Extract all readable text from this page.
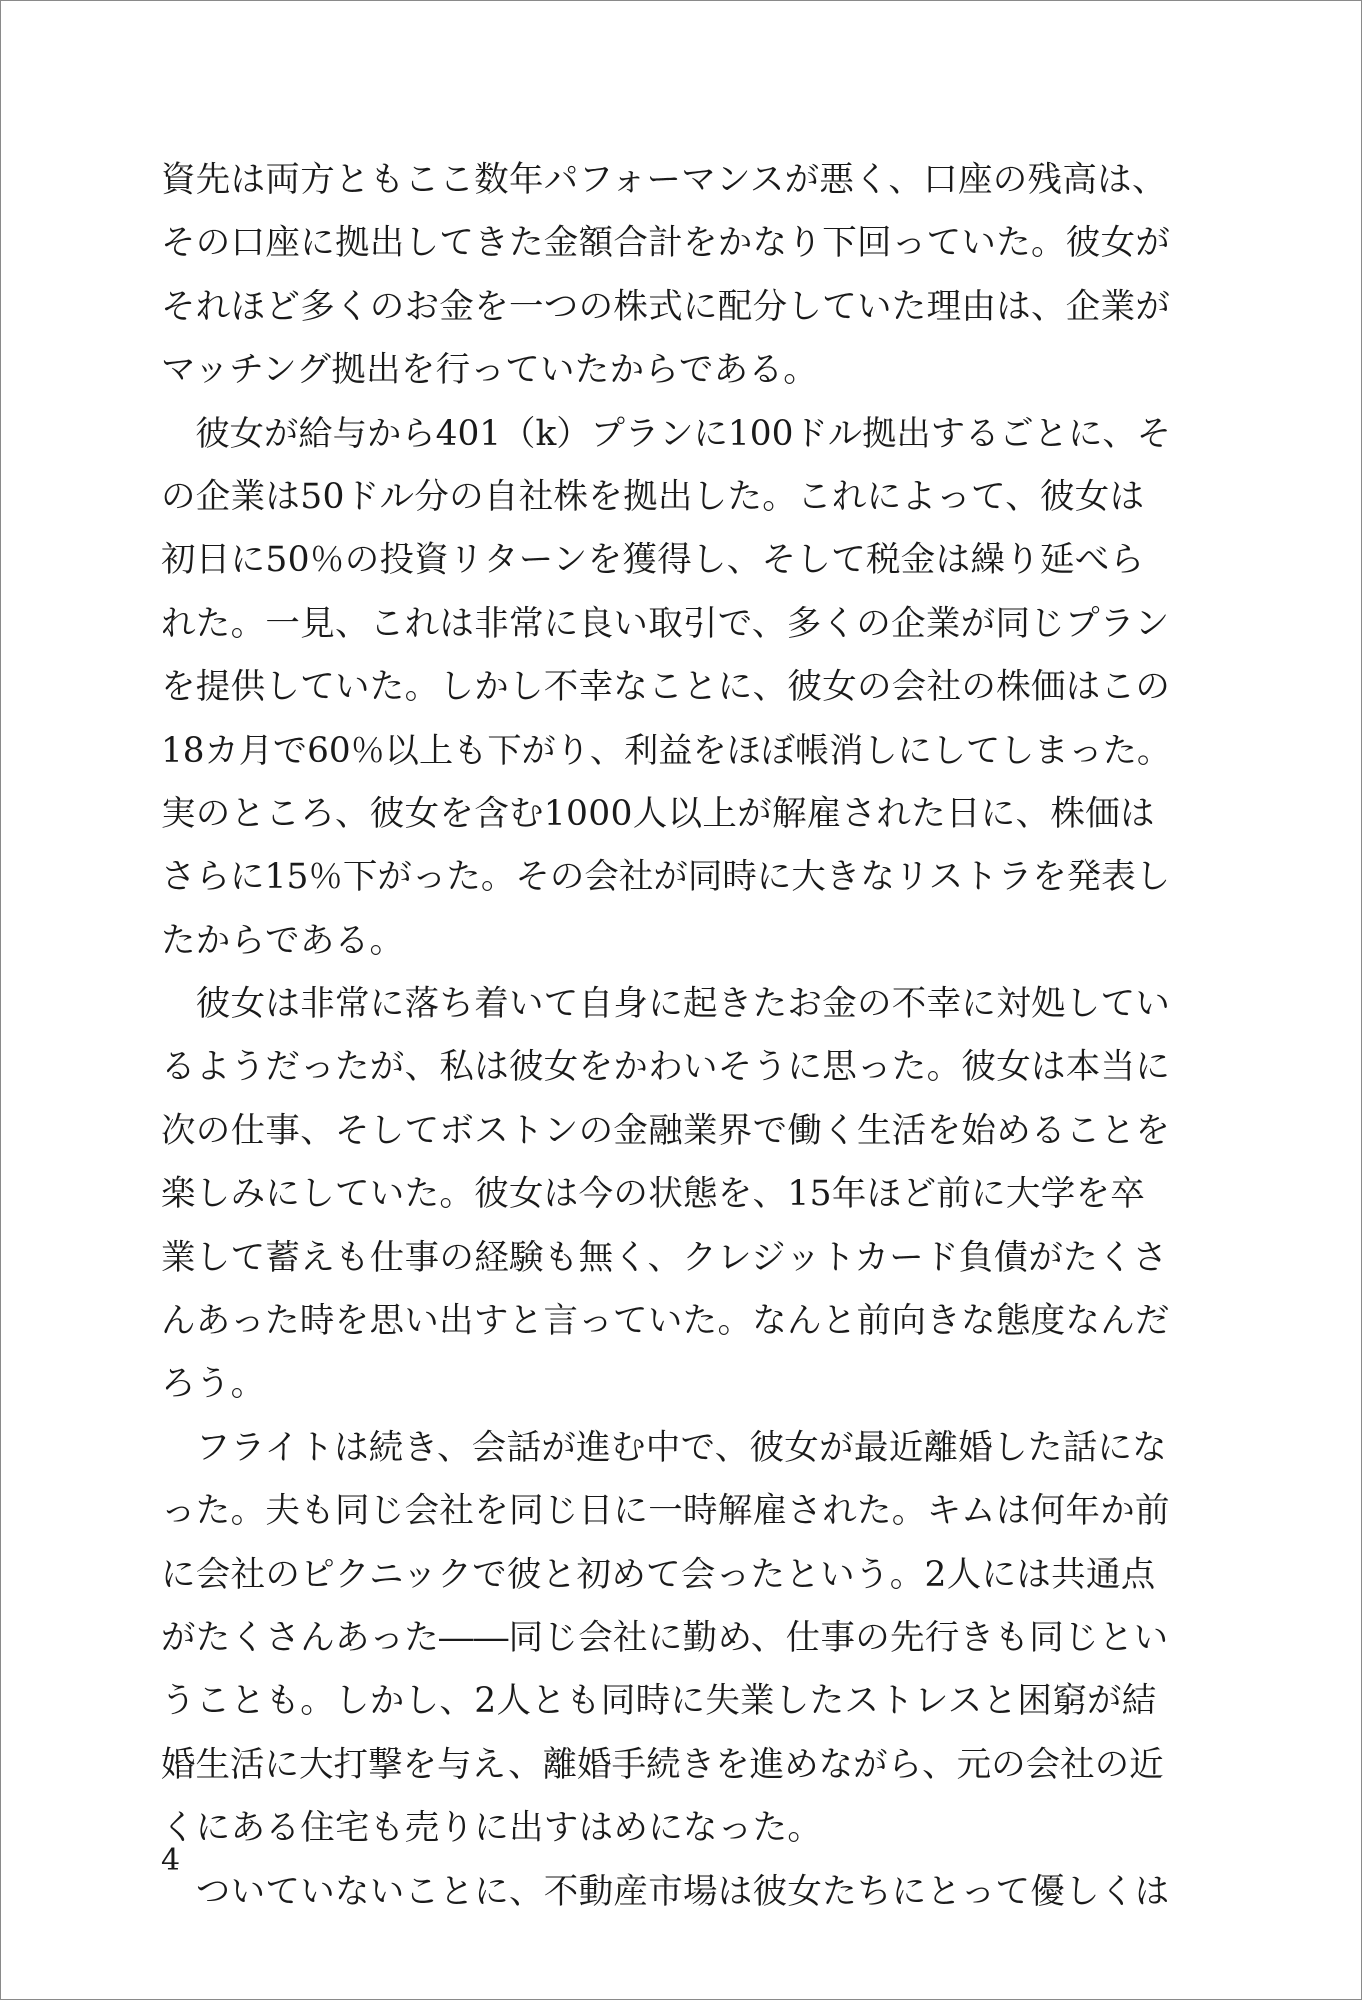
資先は両方ともここ数年パフォーマンスが悪く、口座の残高は、
その口座に拠出してきた金額合計をかなり下回っていた。彼女が
それほど多くのお金を一つの株式に配分していた理由は、企業が
マッチング拠出を行っていたからである。
　彼女が給与から401（k）プランに100ドル拠出するごとに、そ
の企業は50ドル分の自社株を拠出した。これによって、彼女は
初日に50％の投資リターンを獲得し、そして税金は繰り延べら
れた。一見、これは非常に良い取引で、多くの企業が同じプラン
を提供していた。しかし不幸なことに、彼女の会社の株価はこの
18カ月で60％以上も下がり、利益をほぼ帳消しにしてしまった。
実のところ、彼女を含む1000人以上が解雇された日に、株価は
さらに15％下がった。その会社が同時に大きなリストラを発表し
たからである。
　彼女は非常に落ち着いて自身に起きたお金の不幸に対処してい
るようだったが、私は彼女をかわいそうに思った。彼女は本当に
次の仕事、そしてボストンの金融業界で働く生活を始めることを
楽しみにしていた。彼女は今の状態を、15年ほど前に大学を卒
業して蓄えも仕事の経験も無く、クレジットカード負債がたくさ
んあった時を思い出すと言っていた。なんと前向きな態度なんだ
ろう。
　フライトは続き、会話が進む中で、彼女が最近離婚した話にな
った。夫も同じ会社を同じ日に一時解雇された。キムは何年か前
に会社のピクニックで彼と初めて会ったという。2人には共通点
がたくさんあった――同じ会社に勤め、仕事の先行きも同じとい
うことも。しかし、2人とも同時に失業したストレスと困窮が結
婚生活に大打撃を与え、離婚手続きを進めながら、元の会社の近
くにある住宅も売りに出すはめになった。
　ついていないことに、不動産市場は彼女たちにとって優しくは
4
